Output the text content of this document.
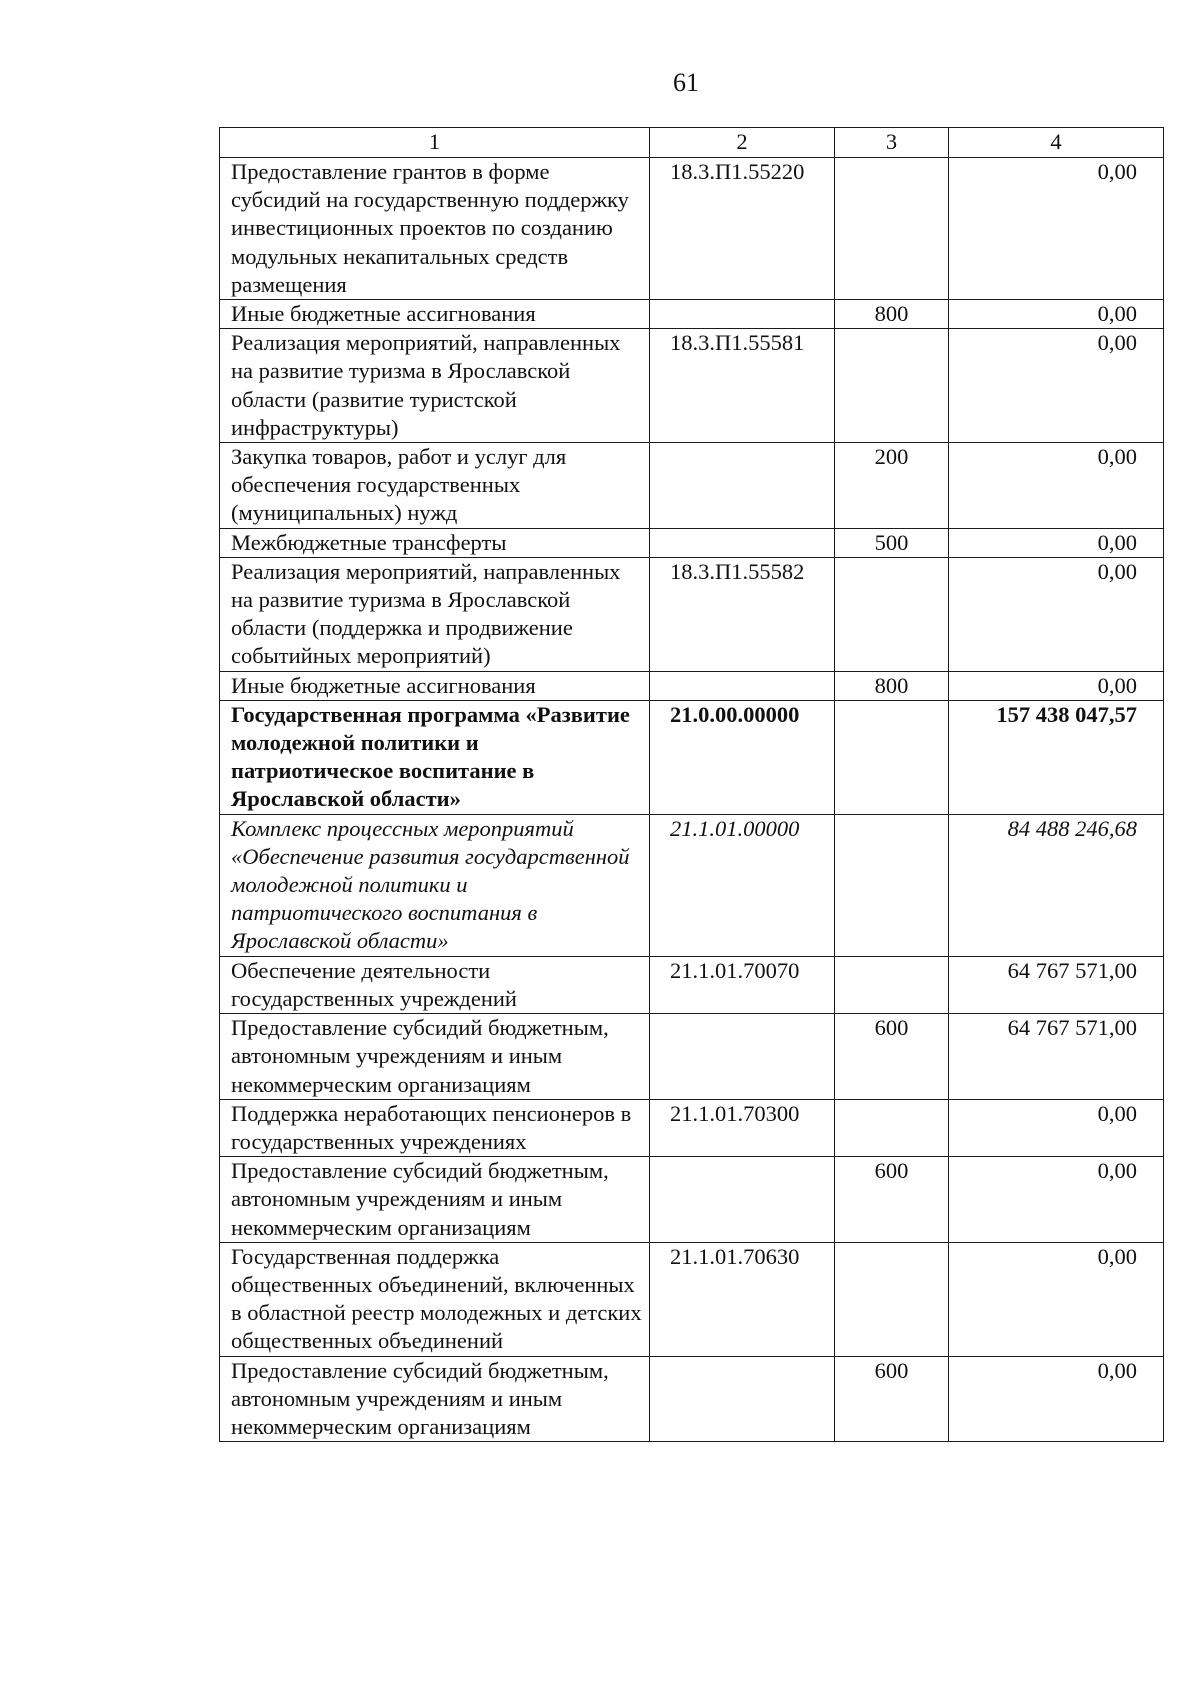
61
1	2	3	4
Предоставление грантов в форме субсидий на государственную поддержку инвестиционных проектов по созданию модульных некапитальных средств размещения	18.3.П1.55220		0,00
Иные бюджетные ассигнования		800	0,00
Реализация мероприятий, направленных на развитие туризма в Ярославской области (развитие туристской инфраструктуры)	18.3.П1.55581		0,00
Закупка товаров, работ и услуг для обеспечения государственных (муниципальных) нужд		200	0,00
Межбюджетные трансферты		500	0,00
Реализация мероприятий, направленных на развитие туризма в Ярославской области (поддержка и продвижение событийных мероприятий)	18.3.П1.55582		0,00
Иные бюджетные ассигнования		800	0,00
Государственная программа «Развитие молодежной политики и патриотическое воспитание в Ярославской области»	21.0.00.00000		157 438 047,57
Комплекс процессных мероприятий «Обеспечение развития государственной молодежной политики и патриотического воспитания в Ярославской области»	21.1.01.00000		84 488 246,68
Обеспечение деятельности государственных учреждений	21.1.01.70070		64 767 571,00
Предоставление субсидий бюджетным, автономным учреждениям и иным некоммерческим организациям		600	64 767 571,00
Поддержка неработающих пенсионеров в государственных учреждениях	21.1.01.70300		0,00
Предоставление субсидий бюджетным, автономным учреждениям и иным некоммерческим организациям		600	0,00
Государственная поддержка общественных объединений, включенных в областной реестр молодежных и детских общественных объединений	21.1.01.70630		0,00
Предоставление субсидий бюджетным, автономным учреждениям и иным некоммерческим организациям		600	0,00
